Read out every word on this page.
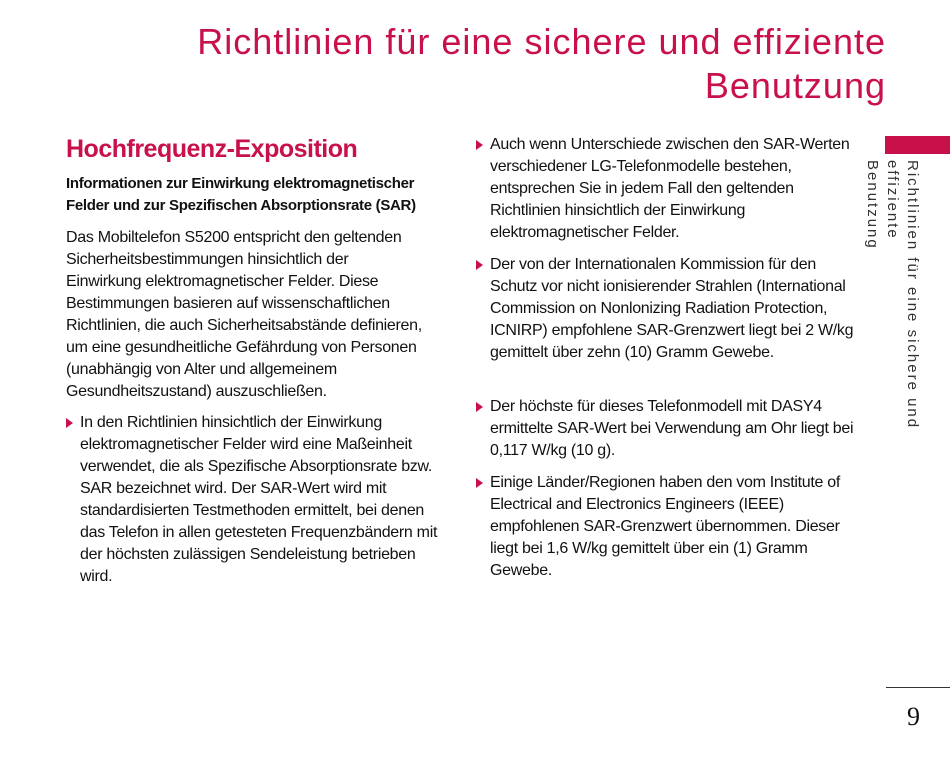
Richtlinien für eine sichere und effiziente
Benutzung
Hochfrequenz-Exposition

Informationen zur Einwirkung elektromagnetischer Felder und zur Spezifischen Absorptionsrate (SAR)

Das Mobiltelefon S5200 entspricht den geltenden Sicherheitsbestimmungen hinsichtlich der Einwirkung elektromagnetischer Felder. Diese Bestimmungen basieren auf wissenschaftlichen Richtlinien, die auch Sicherheitsabstände definieren, um eine gesundheitliche Gefährdung von Personen (unabhängig von Alter und allgemeinem Gesundheitszustand) auszuschließen.

In den Richtlinien hinsichtlich der Einwirkung elektromagnetischer Felder wird eine Maßeinheit verwendet, die als Spezifische Absorptionsrate bzw. SAR bezeichnet wird. Der SAR-Wert wird mit standardisierten Testmethoden ermittelt, bei denen das Telefon in allen getesteten Frequenzbändern mit der höchsten zulässigen Sendeleistung betrieben wird.
Auch wenn Unterschiede zwischen den SAR-Werten verschiedener LG-Telefonmodelle bestehen, entsprechen Sie in jedem Fall den geltenden Richtlinien hinsichtlich der Einwirkung elektromagnetischer Felder.
Der von der Internationalen Kommission für den Schutz vor nicht ionisierender Strahlen (International Commission on Nonlonizing Radiation Protection, ICNIRP) empfohlene SAR-Grenzwert liegt bei 2 W/kg gemittelt über zehn (10) Gramm Gewebe.
Der höchste für dieses Telefonmodell mit DASY4 ermittelte SAR-Wert bei Verwendung am Ohr liegt bei 0,117 W/kg (10 g).
Einige Länder/Regionen haben den vom Institute of Electrical and Electronics Engineers (IEEE) empfohlenen SAR-Grenzwert übernommen. Dieser liegt bei 1,6 W/kg gemittelt über ein (1) Gramm Gewebe.
Richtlinien für eine sichere und effiziente
Benutzung
9
